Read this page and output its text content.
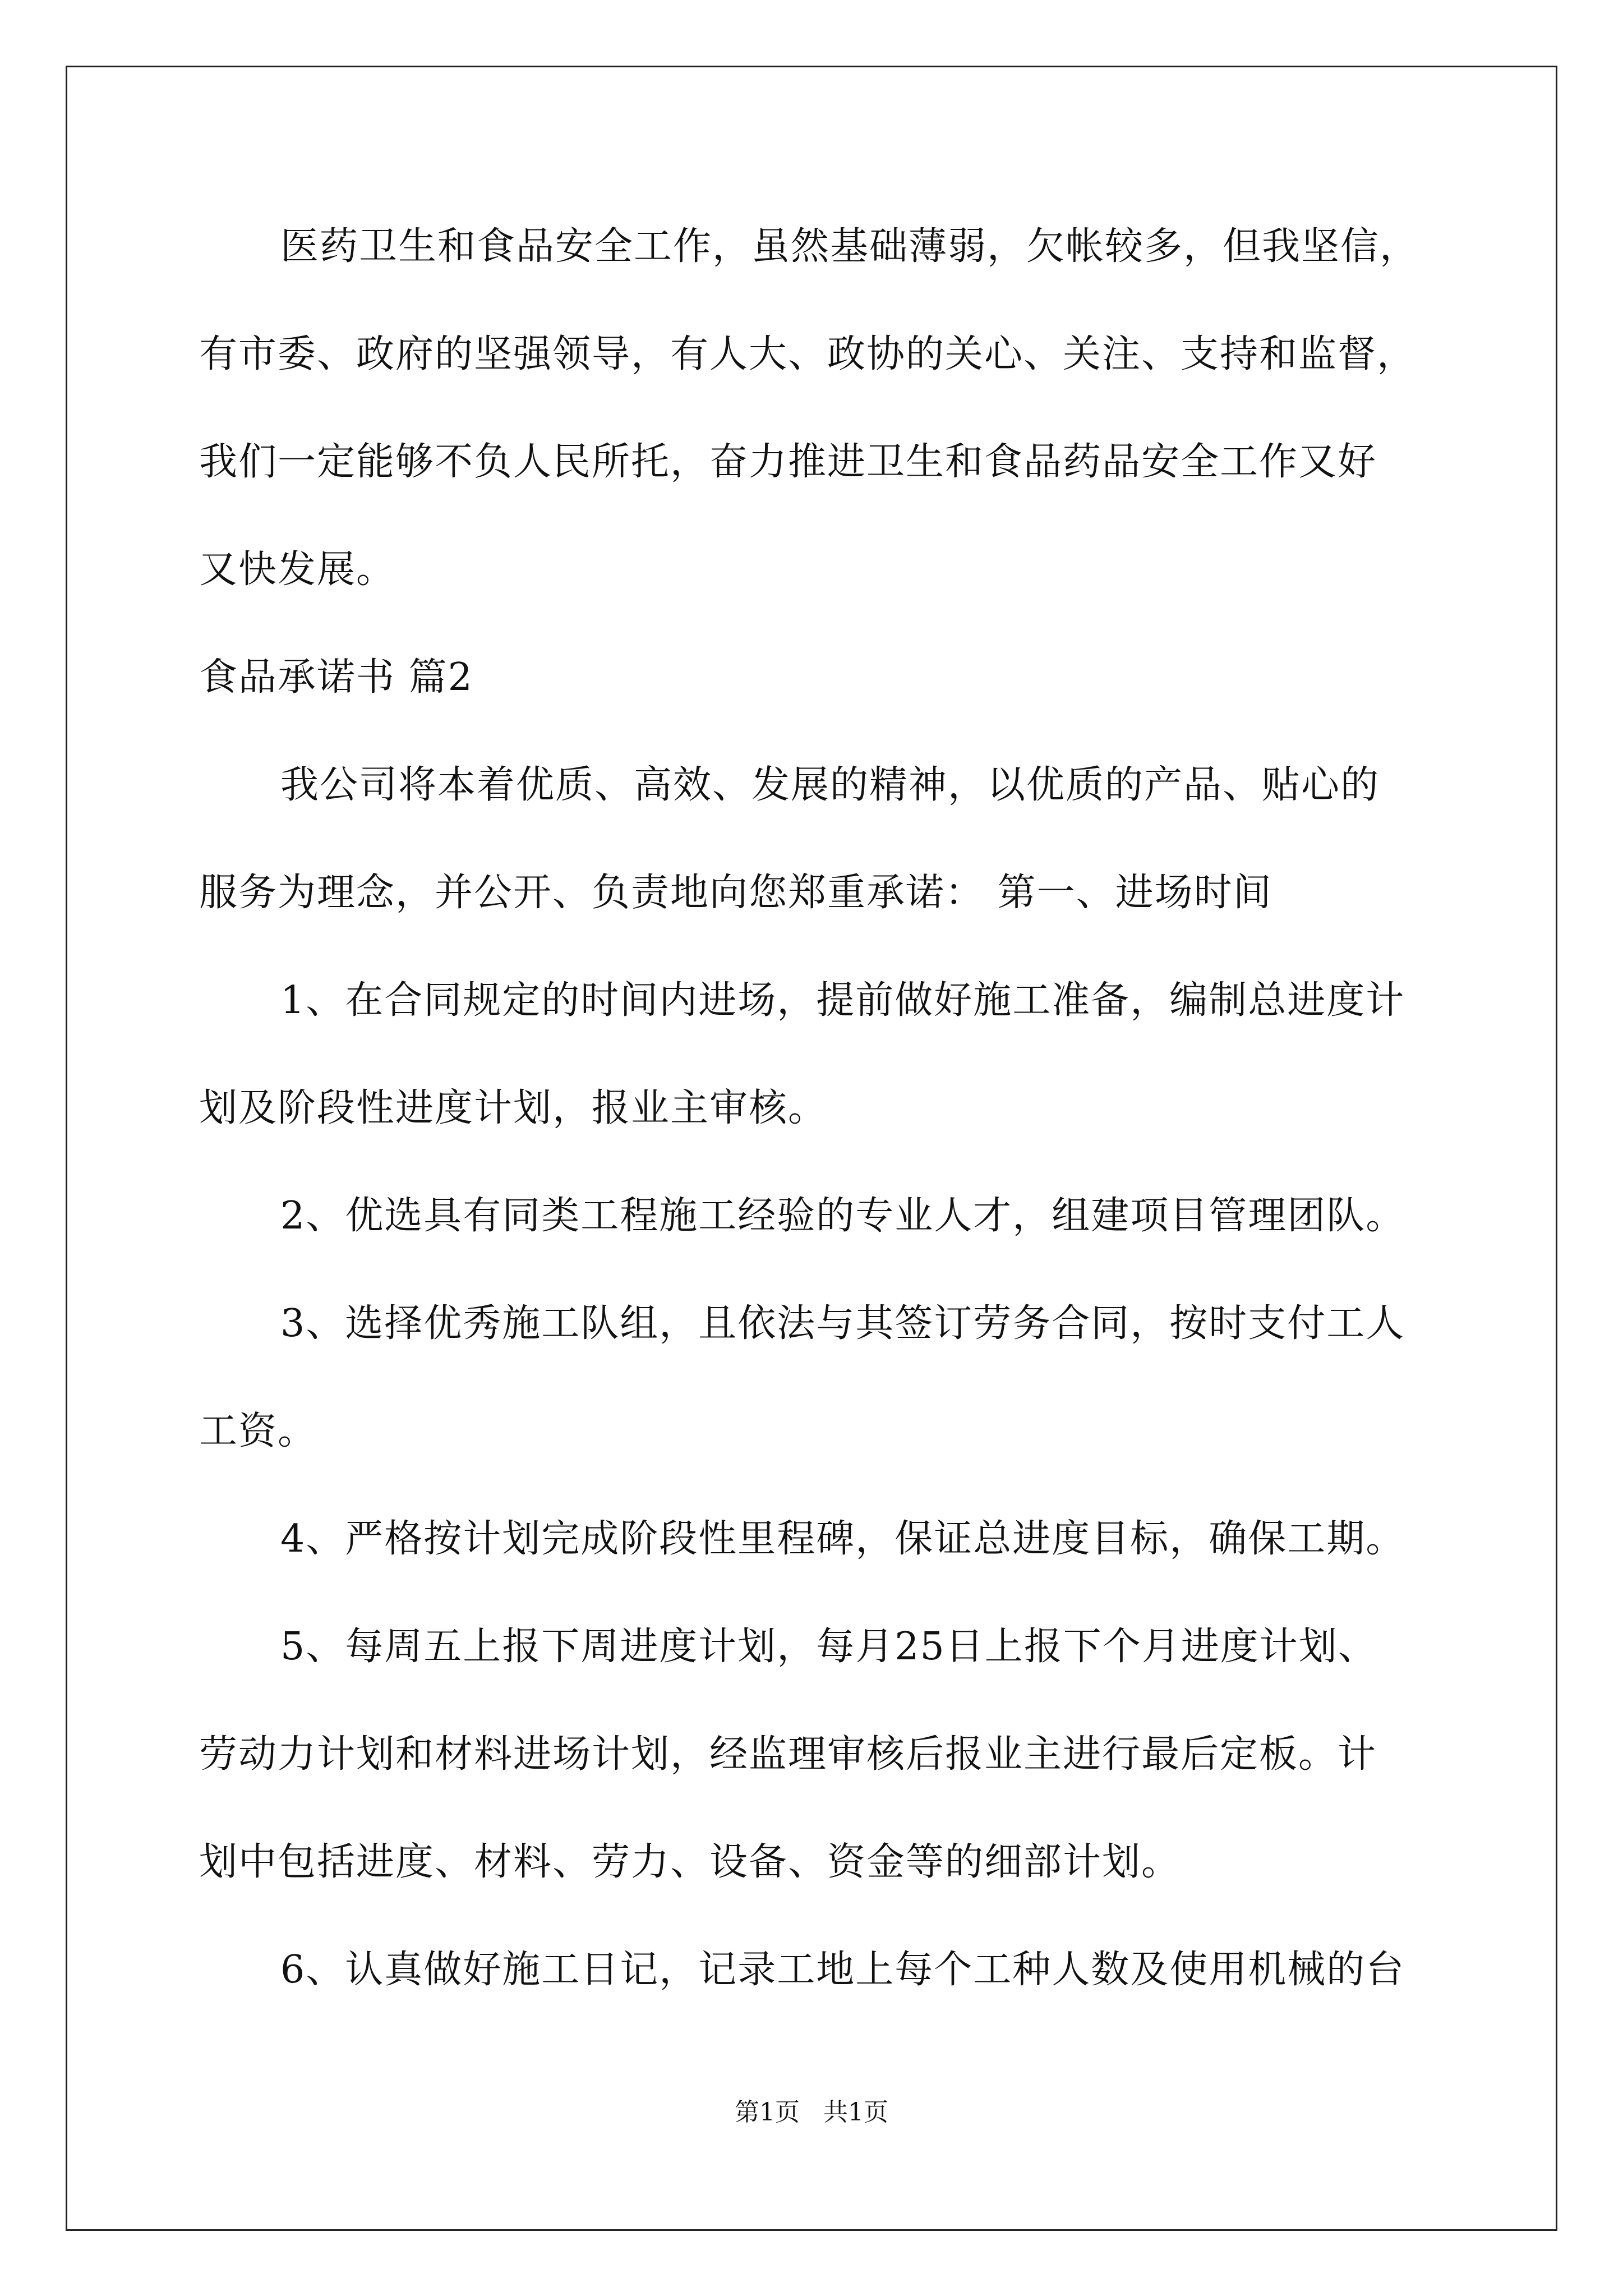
医药卫生和食品安全工作，虽然基础薄弱，欠帐较多，但我坚信，
有市委、政府的坚强领导，有人大、政协的关心、关注、支持和监督，
我们一定能够不负人民所托，奋力推进卫生和食品药品安全工作又好
又快发展。
食品承诺书 篇2
我公司将本着优质、高效、发展的精神，以优质的产品、贴心的
服务为理念，并公开、负责地向您郑重承诺： 第一、进场时间
1、在合同规定的时间内进场，提前做好施工准备，编制总进度计
划及阶段性进度计划，报业主审核。
2、优选具有同类工程施工经验的专业人才，组建项目管理团队。
3、选择优秀施工队组，且依法与其签订劳务合同，按时支付工人
工资。
4、严格按计划完成阶段性里程碑，保证总进度目标，确保工期。
5、每周五上报下周进度计划，每月25日上报下个月进度计划、
劳动力计划和材料进场计划，经监理审核后报业主进行最后定板。计
划中包括进度、材料、劳力、设备、资金等的细部计划。
6、认真做好施工日记，记录工地上每个工种人数及使用机械的台
第1页 共1页
